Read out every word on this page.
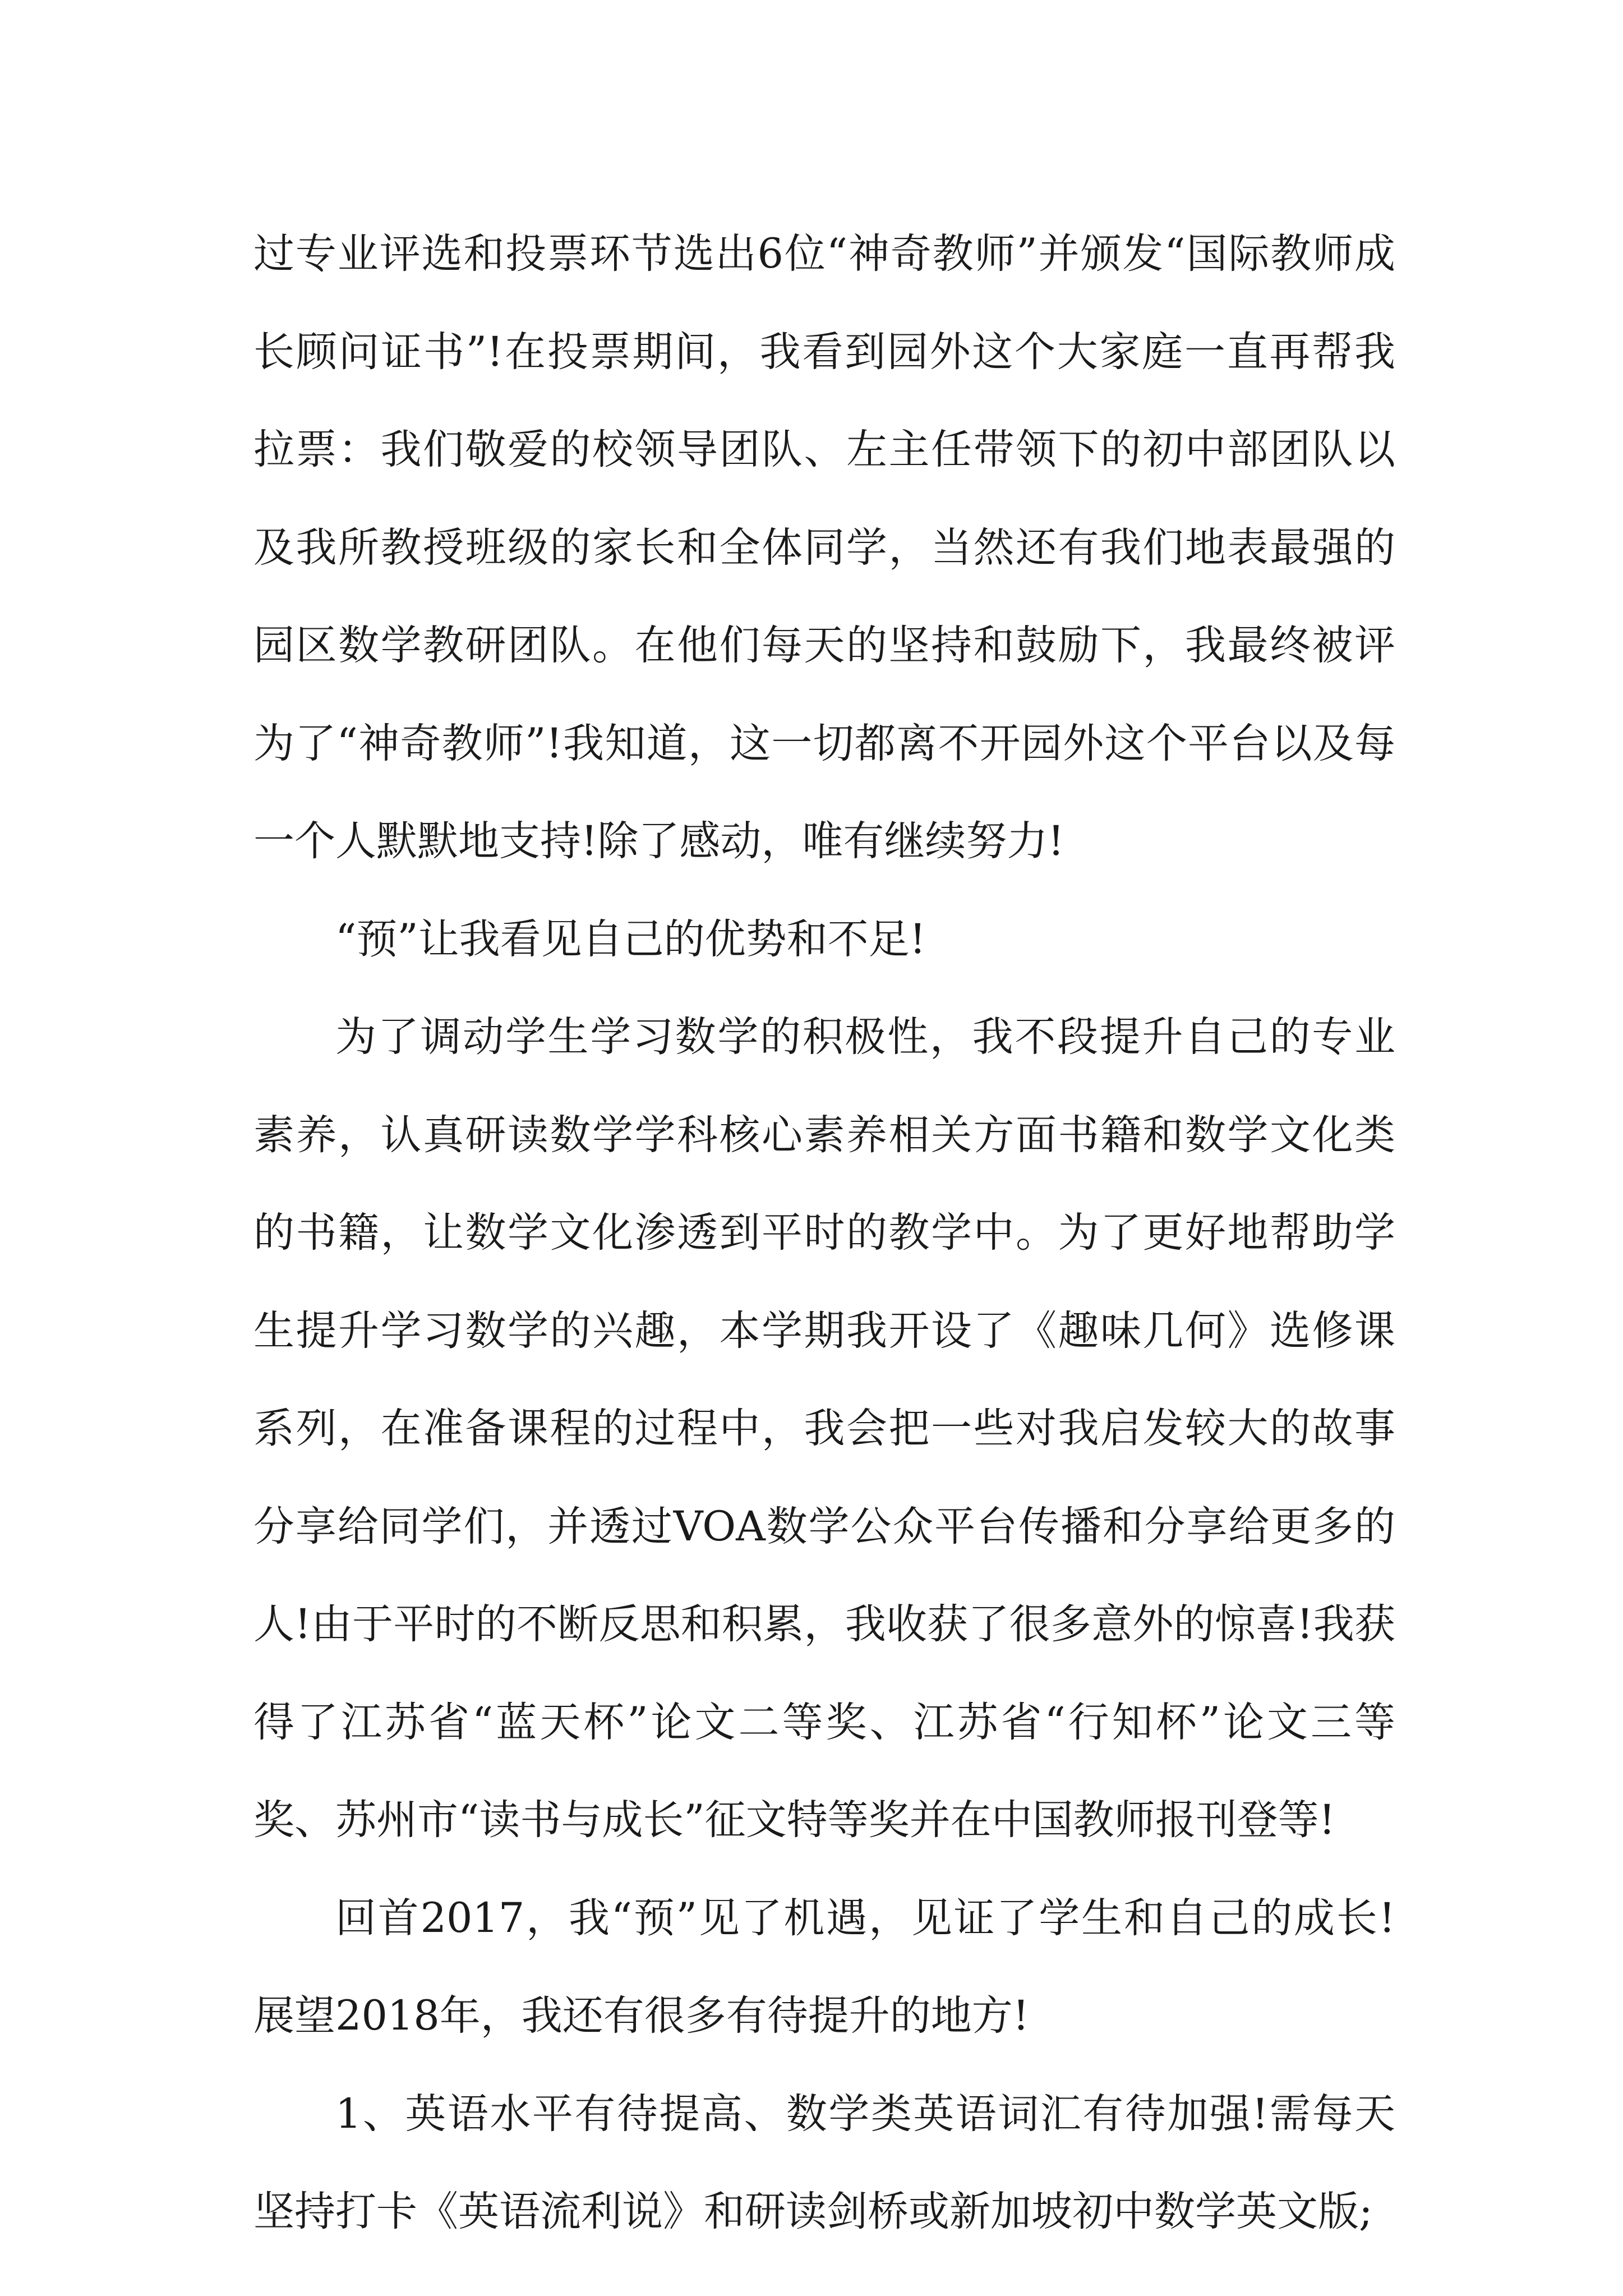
过专业评选和投票环节选出6位“神奇教师”并颁发“国际教师成长顾问证书”!在投票期间，我看到园外这个大家庭一直再帮我拉票：我们敬爱的校领导团队、左主任带领下的初中部团队以及我所教授班级的家长和全体同学，当然还有我们地表最强的园区数学教研团队。在他们每天的坚持和鼓励下，我最终被评为了“神奇教师”!我知道，这一切都离不开园外这个平台以及每一个人默默地支持!除了感动，唯有继续努力!

“预”让我看见自己的优势和不足!

为了调动学生学习数学的积极性，我不段提升自己的专业素养，认真研读数学学科核心素养相关方面书籍和数学文化类的书籍，让数学文化渗透到平时的教学中。为了更好地帮助学生提升学习数学的兴趣，本学期我开设了《趣味几何》选修课系列，在准备课程的过程中，我会把一些对我启发较大的故事分享给同学们，并透过VOA数学公众平台传播和分享给更多的人!由于平时的不断反思和积累，我收获了很多意外的惊喜!我获得了江苏省“蓝天杯”论文二等奖、江苏省“行知杯”论文三等奖、苏州市“读书与成长”征文特等奖并在中国教师报刊登等!

回首2017，我“预”见了机遇，见证了学生和自己的成长!展望2018年，我还有很多有待提升的地方!

1、英语水平有待提高、数学类英语词汇有待加强!需每天坚持打卡《英语流利说》和研读剑桥或新加坡初中数学英文版;
